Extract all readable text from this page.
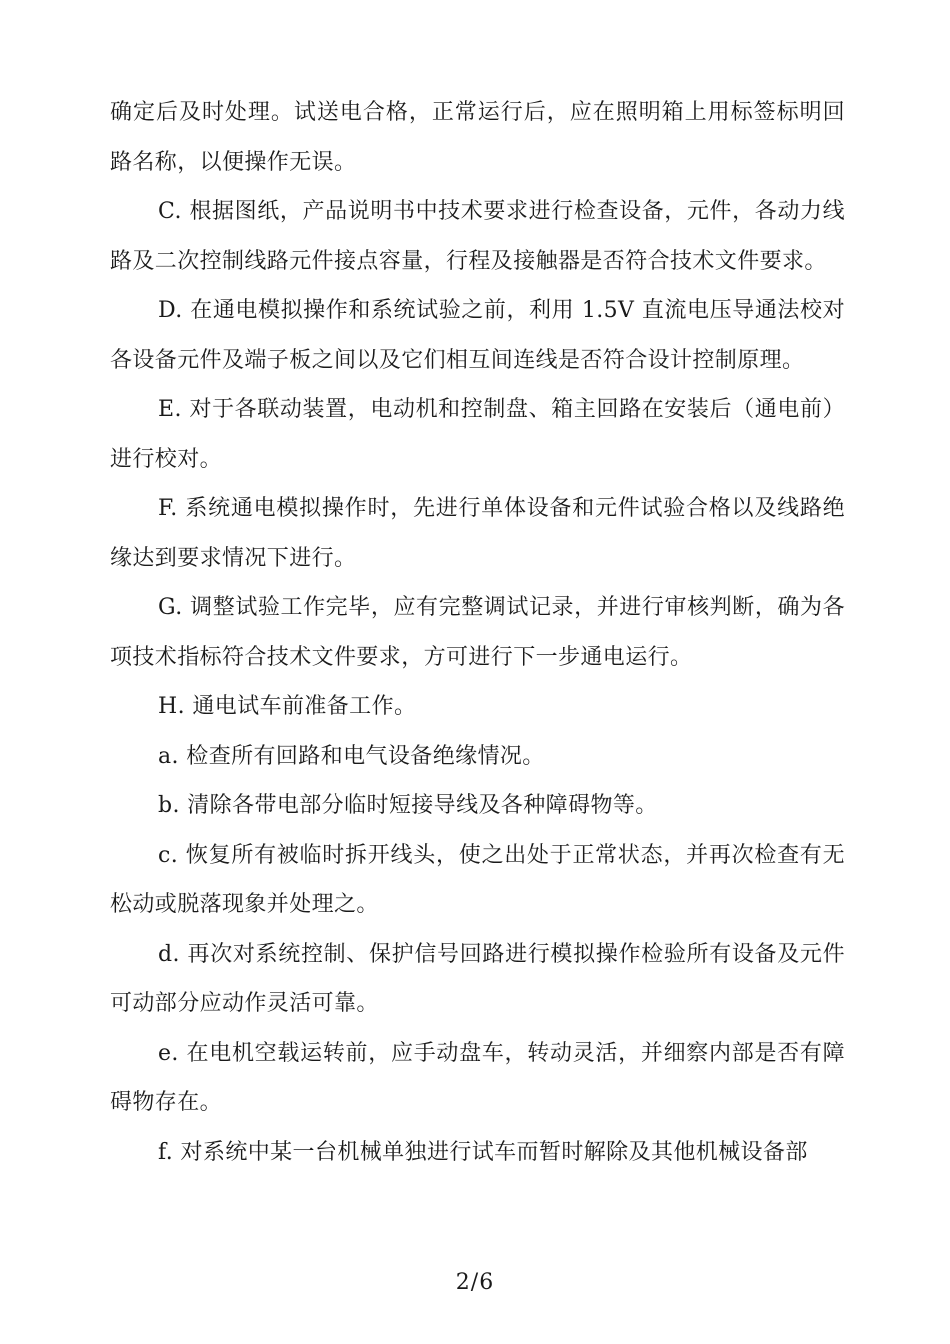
确定后及时处理。试送电合格，正常运行后，应在照明箱上用标签标明回路名称，以便操作无误。

C. 根据图纸，产品说明书中技术要求进行检查设备，元件，各动力线路及二次控制线路元件接点容量，行程及接触器是否符合技术文件要求。

D. 在通电模拟操作和系统试验之前，利用 1.5V 直流电压导通法校对各设备元件及端子板之间以及它们相互间连线是否符合设计控制原理。

E. 对于各联动装置，电动机和控制盘、箱主回路在安装后（通电前）进行校对。

F. 系统通电模拟操作时，先进行单体设备和元件试验合格以及线路绝缘达到要求情况下进行。

G. 调整试验工作完毕，应有完整调试记录，并进行审核判断，确为各项技术指标符合技术文件要求，方可进行下一步通电运行。

H. 通电试车前准备工作。

a. 检查所有回路和电气设备绝缘情况。

b. 清除各带电部分临时短接导线及各种障碍物等。

c. 恢复所有被临时拆开线头，使之出处于正常状态，并再次检查有无松动或脱落现象并处理之。

d. 再次对系统控制、保护信号回路进行模拟操作检验所有设备及元件可动部分应动作灵活可靠。

e. 在电机空载运转前，应手动盘车，转动灵活，并细察内部是否有障碍物存在。

f. 对系统中某一台机械单独进行试车而暂时解除及其他机械设备部

2/6
